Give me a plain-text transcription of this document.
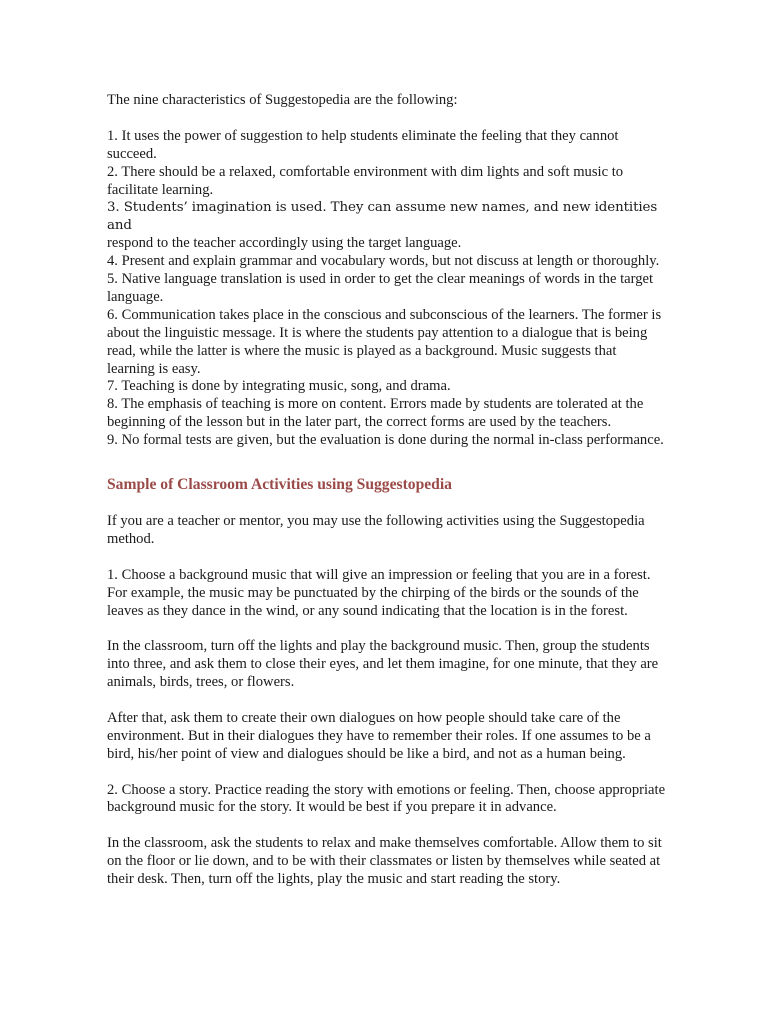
The nine characteristics of Suggestopedia are the following:

1. It uses the power of suggestion to help students eliminate the feeling that they cannot succeed.

2. There should be a relaxed, comfortable environment with dim lights and soft music to facilitate learning.

3. Students’ imagination is used. They can assume new names, and new identities and

respond to the teacher accordingly using the target language.

4. Present and explain grammar and vocabulary words, but not discuss at length or thoroughly.

5. Native language translation is used in order to get the clear meanings of words in the target language.

6. Communication takes place in the conscious and subconscious of the learners. The former is about the linguistic message. It is where the students pay attention to a dialogue that is being read, while the latter is where the music is played as a background. Music suggests that learning is easy.

7. Teaching is done by integrating music, song, and drama.

8. The emphasis of teaching is more on content. Errors made by students are tolerated at the beginning of the lesson but in the later part, the correct forms are used by the teachers.

9. No formal tests are given, but the evaluation is done during the normal in-class performance.

Sample of Classroom Activities using Suggestopedia

If you are a teacher or mentor, you may use the following activities using the Suggestopedia method.

1. Choose a background music that will give an impression or feeling that you are in a forest. For example, the music may be punctuated by the chirping of the birds or the sounds of the leaves as they dance in the wind, or any sound indicating that the location is in the forest.

In the classroom, turn off the lights and play the background music. Then, group the students into three, and ask them to close their eyes, and let them imagine, for one minute, that they are animals, birds, trees, or flowers.

After that, ask them to create their own dialogues on how people should take care of the environment. But in their dialogues they have to remember their roles. If one assumes to be a bird, his/her point of view and dialogues should be like a bird, and not as a human being.

2. Choose a story. Practice reading the story with emotions or feeling. Then, choose appropriate background music for the story. It would be best if you prepare it in advance.

In the classroom, ask the students to relax and make themselves comfortable. Allow them to sit on the floor or lie down, and to be with their classmates or listen by themselves while seated at their desk. Then, turn off the lights, play the music and start reading the story.
